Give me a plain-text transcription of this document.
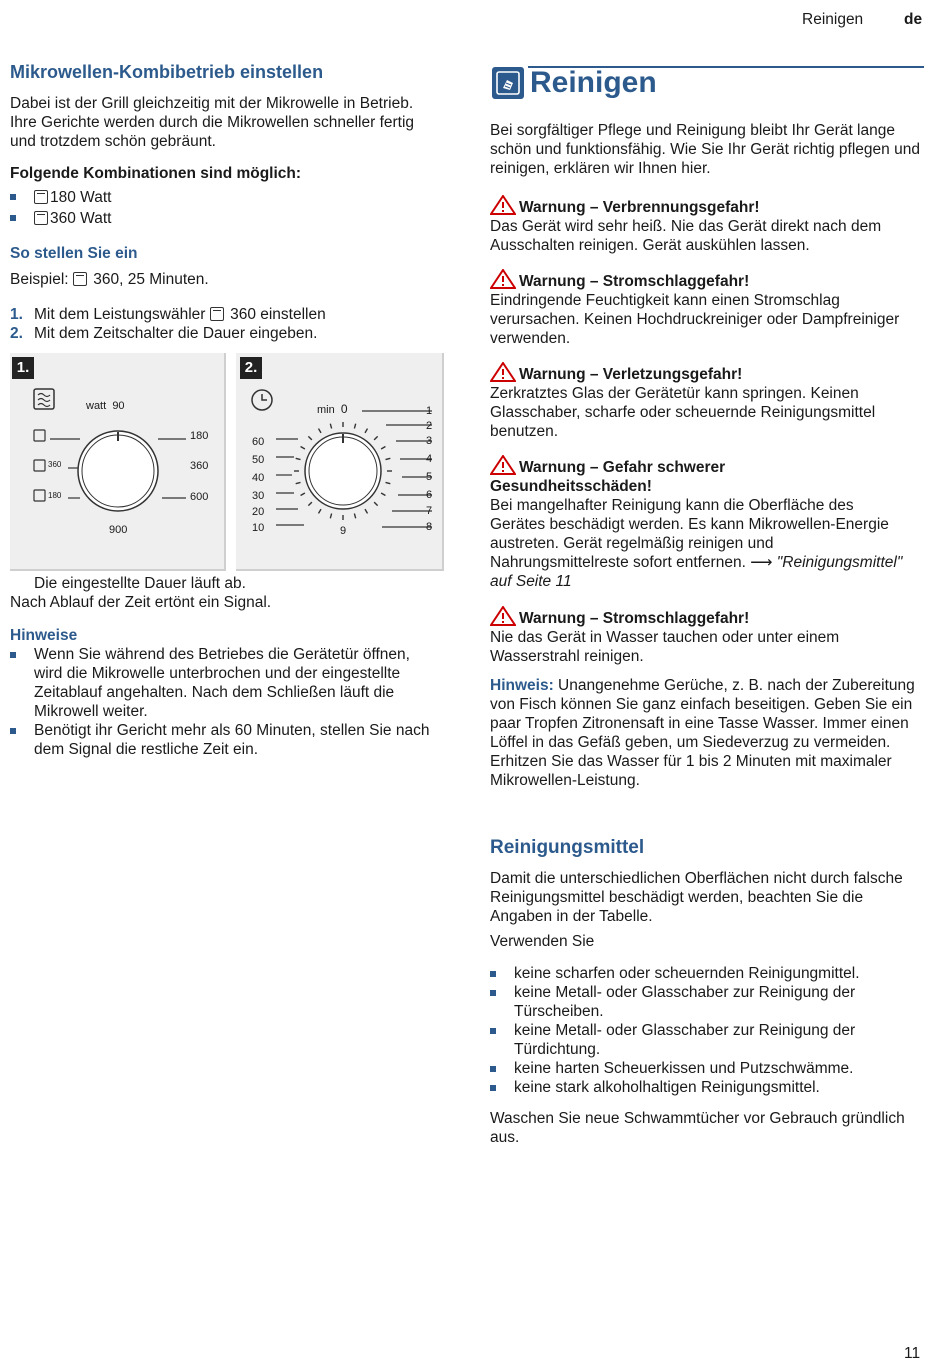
Reinigen	de
Mikrowellen-Kombibetrieb einstellen
Dabei ist der Grill gleichzeitig mit der Mikrowelle in Betrieb. Ihre Gerichte werden durch die Mikrowellen schneller fertig und trotzdem schön gebräunt.
Folgende Kombinationen sind möglich:
180 Watt
360 Watt
So stellen Sie ein
Beispiel: 360, 25 Minuten.
1. Mit dem Leistungswähler 360 einstellen
2. Mit dem Zeitschalter die Dauer eingeben.
1.	2.
watt 90
180
360
600
900
360
180
min 0
60
50
40
30
20
10
1
2
3
4
5
6
7
8
9
Die eingestellte Dauer läuft ab.
Nach Ablauf der Zeit ertönt ein Signal.
Hinweise
Wenn Sie während des Betriebes die Gerätetür öffnen, wird die Mikrowelle unterbrochen und der eingestellte Zeitablauf angehalten. Nach dem Schließen läuft die Mikrowell weiter.
Benötigt ihr Gericht mehr als 60 Minuten, stellen Sie nach dem Signal die restliche Zeit ein.
Reinigen
Bei sorgfältiger Pflege und Reinigung bleibt Ihr Gerät lange schön und funktionsfähig. Wie Sie Ihr Gerät richtig pflegen und reinigen, erklären wir Ihnen hier.
Warnung – Verbrennungsgefahr!
Das Gerät wird sehr heiß. Nie das Gerät direkt nach dem Ausschalten reinigen. Gerät auskühlen lassen.
Warnung – Stromschlaggefahr!
Eindringende Feuchtigkeit kann einen Stromschlag verursachen. Keinen Hochdruckreiniger oder Dampfreiniger verwenden.
Warnung – Verletzungsgefahr!
Zerkratztes Glas der Gerätetür kann springen. Keinen Glasschaber, scharfe oder scheuernde Reinigungsmittel benutzen.
Warnung – Gefahr schwerer Gesundheitsschäden!
Bei mangelhafter Reinigung kann die Oberfläche des Gerätes beschädigt werden. Es kann Mikrowellen-Energie austreten. Gerät regelmäßig reinigen und Nahrungsmittelreste sofort entfernen. ⟶ "Reinigungsmittel" auf Seite 11
Warnung – Stromschlaggefahr!
Nie das Gerät in Wasser tauchen oder unter einem Wasserstrahl reinigen.
Hinweis: Unangenehme Gerüche, z. B. nach der Zubereitung von Fisch können Sie ganz einfach beseitigen. Geben Sie ein paar Tropfen Zitronensaft in eine Tasse Wasser. Immer einen Löffel in das Gefäß geben, um Siedeverzug zu vermeiden. Erhitzen Sie das Wasser für 1 bis 2 Minuten mit maximaler Mikrowellen-Leistung.
Reinigungsmittel
Damit die unterschiedlichen Oberflächen nicht durch falsche Reinigungsmittel beschädigt werden, beachten Sie die Angaben in der Tabelle.
Verwenden Sie
keine scharfen oder scheuernden Reinigungmittel.
keine Metall- oder Glasschaber zur Reinigung der Türscheiben.
keine Metall- oder Glasschaber zur Reinigung der Türdichtung.
keine harten Scheuerkissen und Putzschwämme.
keine stark alkoholhaltigen Reinigungsmittel.
Waschen Sie neue Schwammtücher vor Gebrauch gründlich aus.
11
